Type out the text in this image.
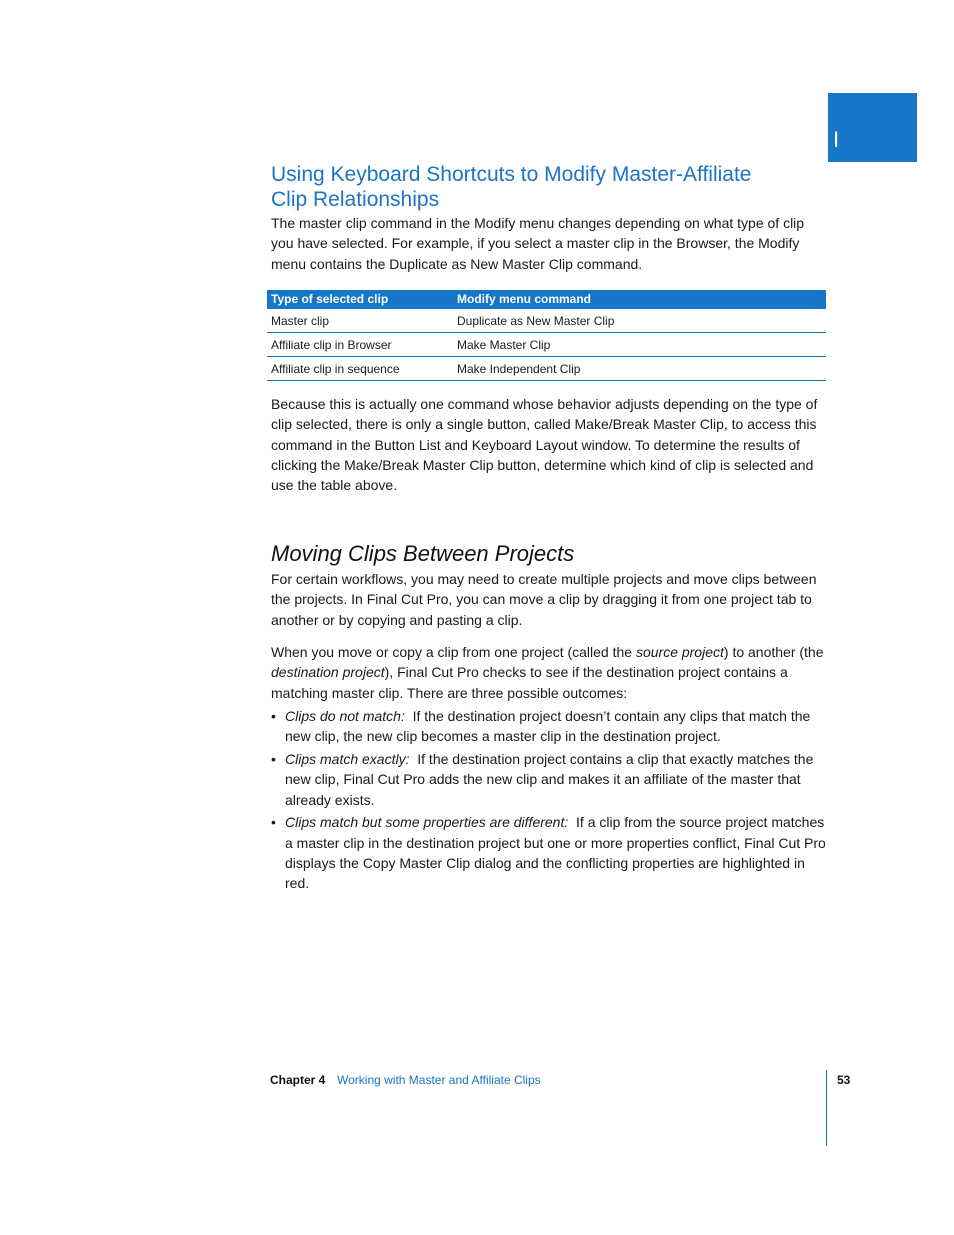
I
Using Keyboard Shortcuts to Modify Master-Affiliate
Clip Relationships

The master clip command in the Modify menu changes depending on what type of clip you have selected. For example, if you select a master clip in the Browser, the Modify menu contains the Duplicate as New Master Clip command.

Type of selected clip	Modify menu command
Master clip	Duplicate as New Master Clip
Affiliate clip in Browser	Make Master Clip
Affiliate clip in sequence	Make Independent Clip

Because this is actually one command whose behavior adjusts depending on the type of clip selected, there is only a single button, called Make/Break Master Clip, to access this command in the Button List and Keyboard Layout window. To determine the results of clicking the Make/Break Master Clip button, determine which kind of clip is selected and use the table above.

Moving Clips Between Projects

For certain workflows, you may need to create multiple projects and move clips between the projects. In Final Cut Pro, you can move a clip by dragging it from one project tab to another or by copying and pasting a clip.

When you move or copy a clip from one project (called the source project) to another (the destination project), Final Cut Pro checks to see if the destination project contains a matching master clip. There are three possible outcomes:

• Clips do not match: If the destination project doesn’t contain any clips that match the new clip, the new clip becomes a master clip in the destination project.
• Clips match exactly: If the destination project contains a clip that exactly matches the new clip, Final Cut Pro adds the new clip and makes it an affiliate of the master that already exists.
• Clips match but some properties are different: If a clip from the source project matches a master clip in the destination project but one or more properties conflict, Final Cut Pro displays the Copy Master Clip dialog and the conflicting properties are highlighted in red.
Chapter 4 Working with Master and Affiliate Clips	53
